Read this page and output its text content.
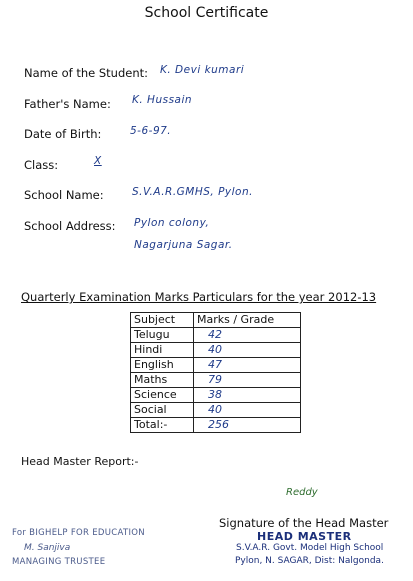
School Certificate
Name of the Student: K. Devi kumari
Father's Name: K. Hussain
Date of Birth:	5-6-97.
Class:	X
School Name:	S.V.A.R.GMHS, Pylon.
School Address: Pylon colony,
Nagarjuna Sagar.
Quarterly Examination Marks Particulars for the year 2012-13
Subject	Marks / Grade
Telugu	42
Hindi	40
English	47
Maths	79
Science	38
Social	40
Total:-	256
Head Master Report:-
Reddy
Signature of the Head Master
HEAD MASTER
S.V.A.R. Govt. Model High School
Pylon, N. SAGAR, Dist: Nalgonda.
For BIGHELP FOR EDUCATION
M. Sanjiva
MANAGING TRUSTEE
